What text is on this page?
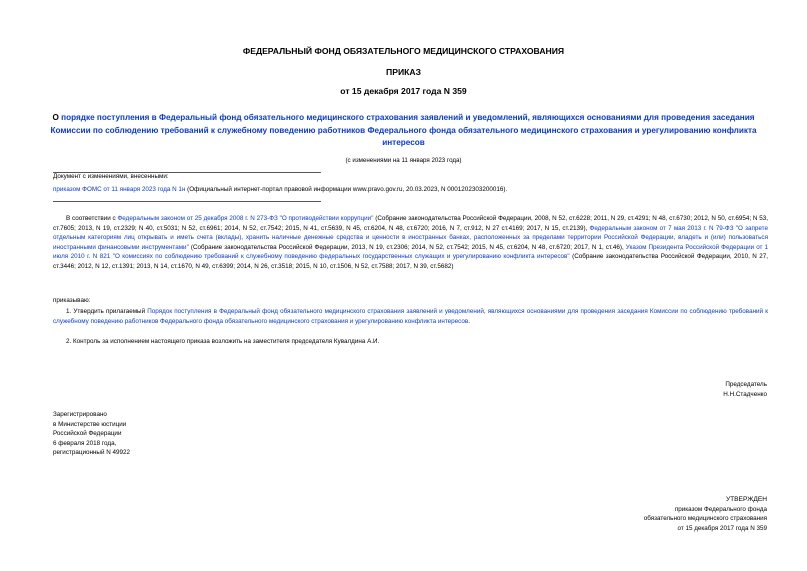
ФЕДЕРАЛЬНЫЙ ФОНД ОБЯЗАТЕЛЬНОГО МЕДИЦИНСКОГО СТРАХОВАНИЯ
ПРИКАЗ
от 15 декабря 2017 года N 359
О порядке поступления в Федеральный фонд обязательного медицинского страхования заявлений и уведомлений, являющихся основаниями для проведения заседания Комиссии по соблюдению требований к служебному поведению работников Федерального фонда обязательного медицинского страхования и урегулированию конфликта интересов
(с изменениями на 11 января 2023 года)
Документ с изменениями, внесенными:
приказом ФОМС от 11 января 2023 года N 1н (Официальный интернет-портал правовой информации www.pravo.gov.ru, 20.03.2023, N 0001202303200016).
В соответствии с Федеральным законом от 25 декабря 2008 г. N 273-ФЗ "О противодействии коррупции" (Собрание законодательства Российской Федерации, 2008, N 52, ст.6228; 2011, N 29, ст.4291; N 48, ст.6730; 2012, N 50, ст.6954; N 53, ст.7605; 2013, N 19, ст.2329; N 40, ст.5031; N 52, ст.6961; 2014, N 52, ст.7542; 2015, N 41, ст.5639, N 45, ст.6204, N 48, ст.6720; 2016, N 7, ст.912, N 27 ст.4169; 2017, N 15, ст.2139), Федеральным законом от 7 мая 2013 г. N 79-ФЗ "О запрете отдельным категориям лиц открывать и иметь счета (вклады), хранить наличные денежные средства и ценности в иностранных банках, расположенных за пределами территории Российской Федерации, владеть и (или) пользоваться иностранными финансовыми инструментами" (Собрание законодательства Российской Федерации, 2013, N 19, ст.2306; 2014, N 52, ст.7542; 2015, N 45, ст.6204, N 48, ст.6720; 2017, N 1, ст.46), Указом Президента Российской Федерации от 1 июля 2010 г. N 821 "О комиссиях по соблюдению требований к служебному поведению федеральных государственных служащих и урегулированию конфликта интересов" (Собрание законодательства Российской Федерации, 2010, N 27, ст.3446; 2012, N 12, ст.1391; 2013, N 14, ст.1670, N 49, ст.6399; 2014, N 26, ст.3518; 2015, N 10, ст.1506, N 52, ст.7588; 2017, N 39, ст.5682)
приказываю:
1. Утвердить прилагаемый Порядок поступления в Федеральный фонд обязательного медицинского страхования заявлений и уведомлений, являющихся основаниями для проведения заседания Комиссии по соблюдению требований к служебному поведению работников Федерального фонда обязательного медицинского страхования и урегулированию конфликта интересов.
2. Контроль за исполнением настоящего приказа возложить на заместителя председателя Кувалдина А.И.
Председатель
Н.Н.Стадченко
Зарегистрировано
в Министерстве юстиции
Российской Федерации
6 февраля 2018 года,
регистрационный N 49922
УТВЕРЖДЕН
приказом Федерального фонда
обязательного медицинского страхования
от 15 декабря 2017 года N 359
